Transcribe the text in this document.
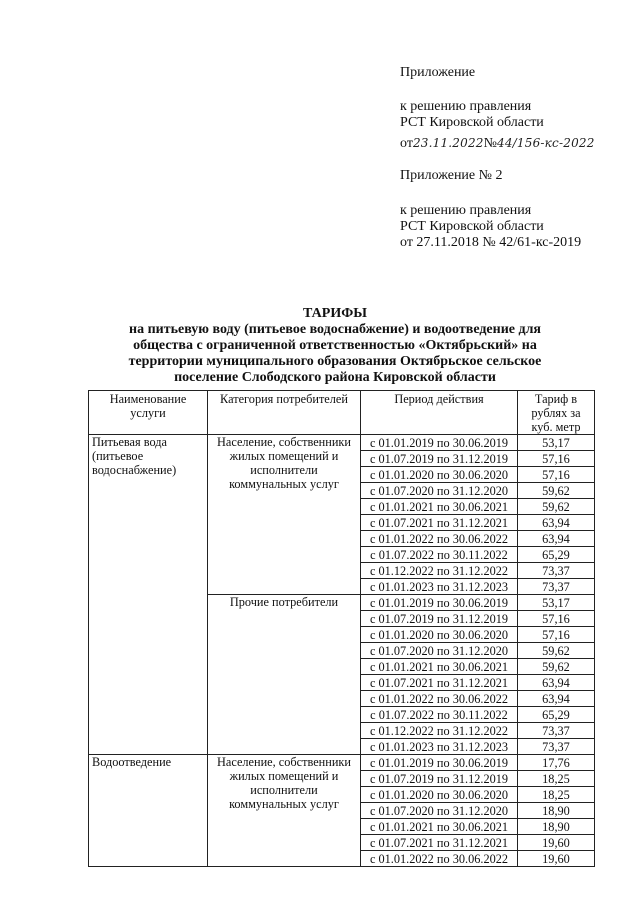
Приложение
к решению правления
РСТ Кировской области
от23.11.2022№44/156-кс-2022
Приложение № 2
к решению правления
РСТ Кировской области
от 27.11.2018 № 42/61-кс-2019
ТАРИФЫ
на питьевую воду (питьевое водоснабжение) и водоотведение для
общества с ограниченной ответственностью «Октябрьский» на
территории муниципального образования Октябрьское сельское
поселение Слободского района Кировской области
Наименование услуги	Категория потребителей	Период действия	Тариф в рублях за куб. метр
Питьевая вода (питьевое водоснабжение)	Население, собственники жилых помещений и исполнители коммунальных услуг	с 01.01.2019 по 30.06.2019	53,17
		с 01.07.2019 по 31.12.2019	57,16
		с 01.01.2020 по 30.06.2020	57,16
		с 01.07.2020 по 31.12.2020	59,62
		с 01.01.2021 по 30.06.2021	59,62
		с 01.07.2021 по 31.12.2021	63,94
		с 01.01.2022 по 30.06.2022	63,94
		с 01.07.2022 по 30.11.2022	65,29
		с 01.12.2022 по 31.12.2022	73,37
		с 01.01.2023 по 31.12.2023	73,37
	Прочие потребители	с 01.01.2019 по 30.06.2019	53,17
		с 01.07.2019 по 31.12.2019	57,16
		с 01.01.2020 по 30.06.2020	57,16
		с 01.07.2020 по 31.12.2020	59,62
		с 01.01.2021 по 30.06.2021	59,62
		с 01.07.2021 по 31.12.2021	63,94
		с 01.01.2022 по 30.06.2022	63,94
		с 01.07.2022 по 30.11.2022	65,29
		с 01.12.2022 по 31.12.2022	73,37
		с 01.01.2023 по 31.12.2023	73,37
Водоотведение	Население, собственники жилых помещений и исполнители коммунальных услуг	с 01.01.2019 по 30.06.2019	17,76
		с 01.07.2019 по 31.12.2019	18,25
		с 01.01.2020 по 30.06.2020	18,25
		с 01.07.2020 по 31.12.2020	18,90
		с 01.01.2021 по 30.06.2021	18,90
		с 01.07.2021 по 31.12.2021	19,60
		с 01.01.2022 по 30.06.2022	19,60
